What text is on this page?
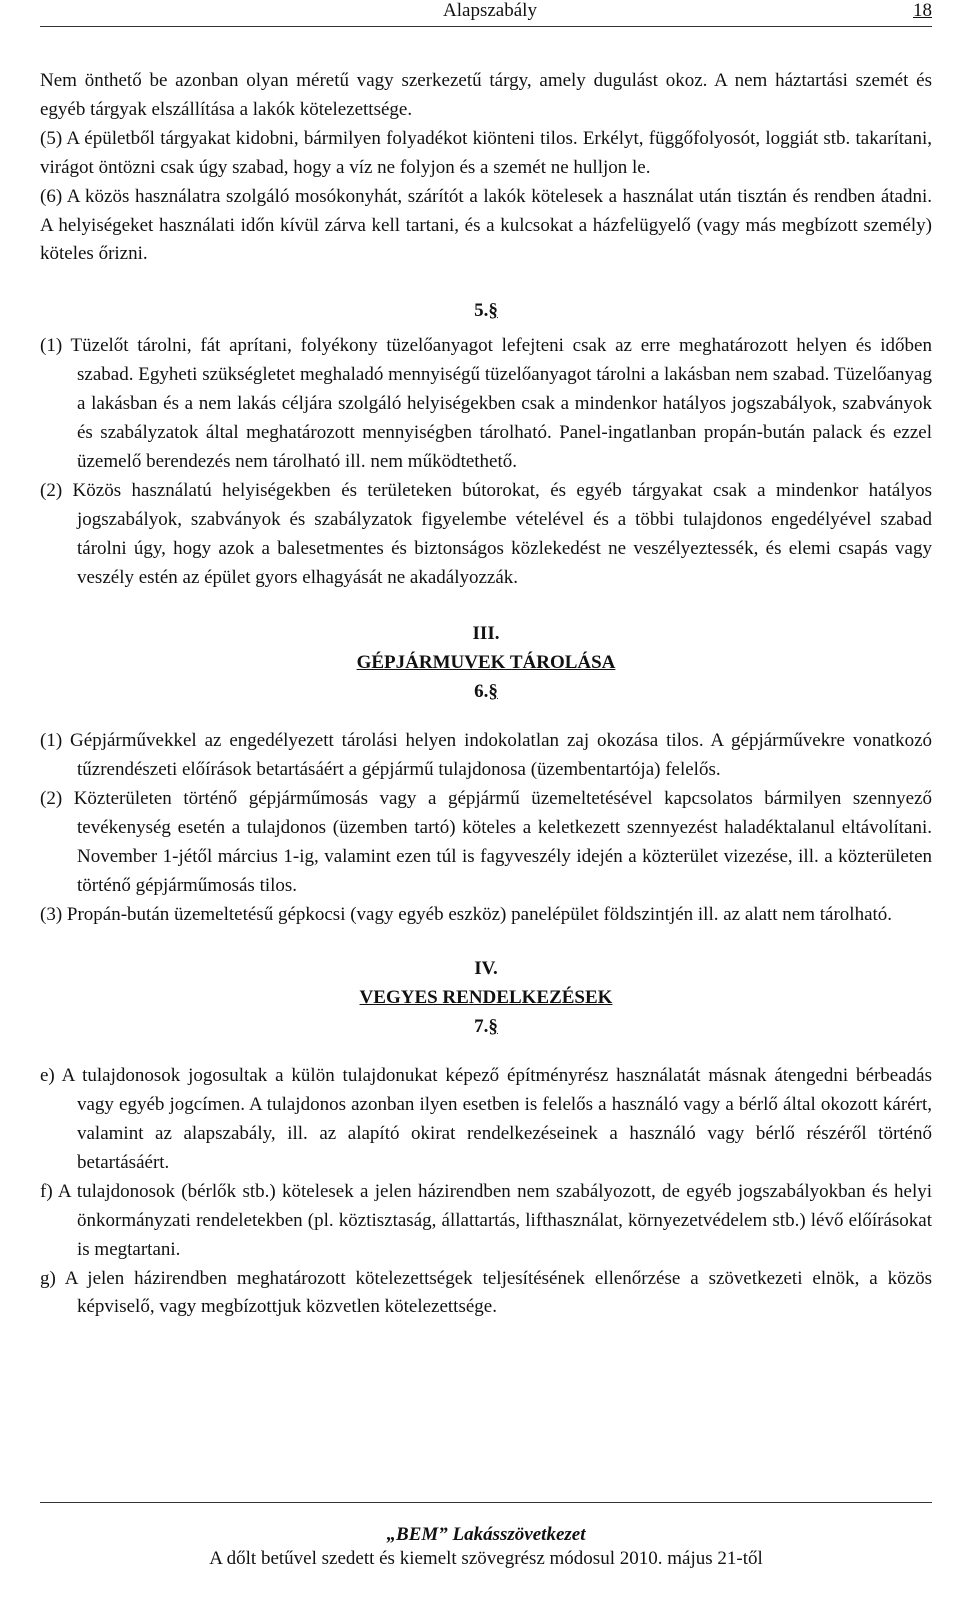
Alapszabály	18

Nem önthető be azonban olyan méretű vagy szerkezetű tárgy, amely dugulást okoz. A nem háztartási szemét és egyéb tárgyak elszállítása a lakók kötelezettsége.

(5) A épületből tárgyakat kidobni, bármilyen folyadékot kiönteni tilos. Erkélyt, függőfolyosót, loggiát stb. takarítani, virágot öntözni csak úgy szabad, hogy a víz ne folyjon és a szemét ne hulljon le.

(6) A közös használatra szolgáló mosókonyhát, szárítót a lakók kötelesek a használat után tisztán és rendben átadni. A helyiségeket használati időn kívül zárva kell tartani, és a kulcsokat a házfelügyelő (vagy más megbízott személy) köteles őrizni.

5.§

(1) Tüzelőt tárolni, fát aprítani, folyékony tüzelőanyagot lefejteni csak az erre meghatározott helyen és időben szabad. Egyheti szükségletet meghaladó mennyiségű tüzelőanyagot tárolni a lakásban nem szabad. Tüzelőanyag a lakásban és a nem lakás céljára szolgáló helyiségekben csak a mindenkor hatályos jogszabályok, szabványok és szabályzatok által meghatározott mennyiségben tárolható. Panel-ingatlanban propán-bután palack és ezzel üzemelő berendezés nem tárolható ill. nem működtethető.

(2) Közös használatú helyiségekben és területeken bútorokat, és egyéb tárgyakat csak a mindenkor hatályos jogszabályok, szabványok és szabályzatok figyelembe vételével és a többi tulajdonos engedélyével szabad tárolni úgy, hogy azok a balesetmentes és biztonságos közlekedést ne veszélyeztessék, és elemi csapás vagy veszély estén az épület gyors elhagyását ne akadályozzák.

III.

GÉPJÁRMUVEK TÁROLÁSA

6.§

(1) Gépjárművekkel az engedélyezett tárolási helyen indokolatlan zaj okozása tilos. A gépjárművekre vonatkozó tűzrendészeti előírások betartásáért a gépjármű tulajdonosa (üzembentartója) felelős.

(2) Közterületen történő gépjárműmosás vagy a gépjármű üzemeltetésével kapcsolatos bármilyen szennyező tevékenység esetén a tulajdonos (üzemben tartó) köteles a keletkezett szennyezést haladéktalanul eltávolítani. November 1-jétől március 1-ig, valamint ezen túl is fagyveszély idején a közterület vizezése, ill. a közterületen történő gépjárműmosás tilos.

(3) Propán-bután üzemeltetésű gépkocsi (vagy egyéb eszköz) panelépület földszintjén ill. az alatt nem tárolható.

IV.

VEGYES RENDELKEZÉSEK

7.§

e) A tulajdonosok jogosultak a külön tulajdonukat képező építményrész használatát másnak átengedni bérbeadás vagy egyéb jogcímen. A tulajdonos azonban ilyen esetben is felelős a használó vagy a bérlő által okozott kárért, valamint az alapszabály, ill. az alapító okirat rendelkezéseinek a használó vagy bérlő részéről történő betartásáért.

f) A tulajdonosok (bérlők stb.) kötelesek a jelen házirendben nem szabályozott, de egyéb jogszabályokban és helyi önkormányzati rendeletekben (pl. köztisztaság, állattartás, lifthasználat, környezetvédelem stb.) lévő előírásokat is megtartani.

g) A jelen házirendben meghatározott kötelezettségek teljesítésének ellenőrzése a szövetkezeti elnök, a közös képviselő, vagy megbízottjuk közvetlen kötelezettsége.

„BEM” Lakásszövetkezet
A dőlt betűvel szedett és kiemelt szövegrész módosul 2010. május 21-től
